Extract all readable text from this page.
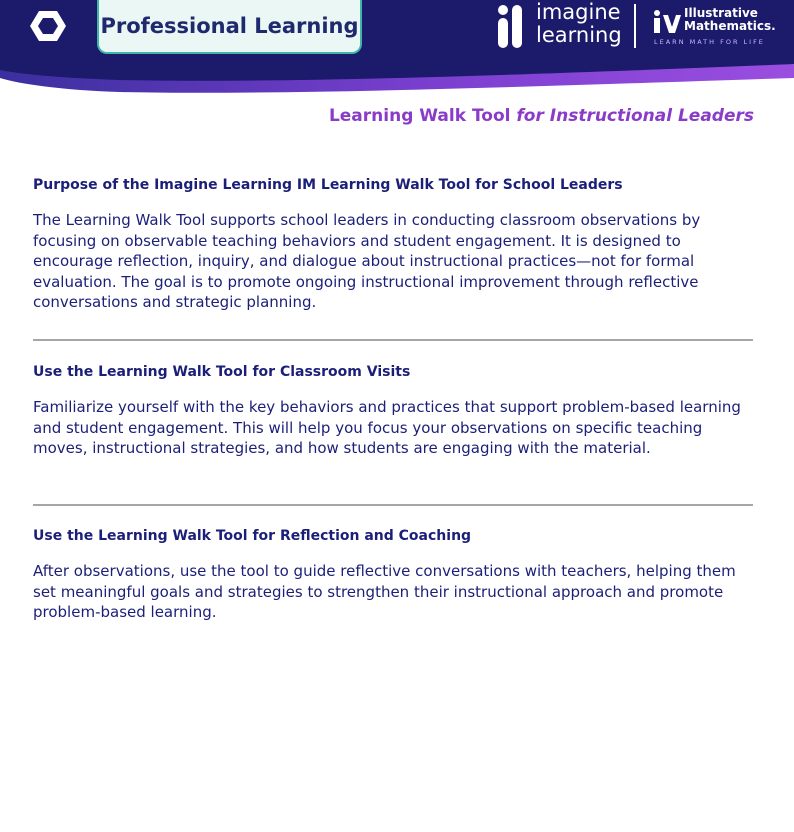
Professional Learning
imagine
learning
Illustrative
Mathematics.
LEARN MATH FOR LIFE
Learning Walk Tool for Instructional Leaders
Purpose of the Imagine Learning IM Learning Walk Tool for School Leaders

The Learning Walk Tool supports school leaders in conducting classroom observations by focusing on observable teaching behaviors and student engagement. It is designed to encourage reflection, inquiry, and dialogue about instructional practices—not for formal evaluation. The goal is to promote ongoing instructional improvement through reflective conversations and strategic planning.

Use the Learning Walk Tool for Classroom Visits

Familiarize yourself with the key behaviors and practices that support problem-based learning and student engagement. This will help you focus your observations on specific teaching moves, instructional strategies, and how students are engaging with the material.

Use the Learning Walk Tool for Reflection and Coaching

After observations, use the tool to guide reflective conversations with teachers, helping them set meaningful goals and strategies to strengthen their instructional approach and promote problem-based learning.
